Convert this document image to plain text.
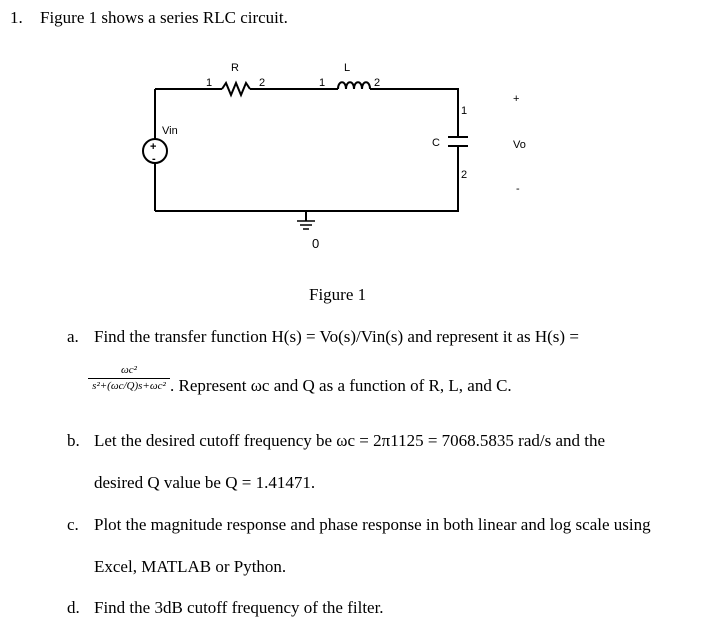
1. Figure 1 shows a series RLC circuit.
+
-
Vin
R
1	2
L
1	2
C
1
2
+
Vo
-
0
Figure 1
a. Find the transfer function H(s) = Vo(s)/Vin(s) and represent it as H(s) =
ωc²
s²+(ωc/Q)s+ωc² . Represent ωc and Q as a function of R, L, and C.
b. Let the desired cutoff frequency be ωc = 2π1125 = 7068.5835 rad/s and the
desired Q value be Q = 1.41471.
c. Plot the magnitude response and phase response in both linear and log scale using
Excel, MATLAB or Python.
d. Find the 3dB cutoff frequency of the filter.
